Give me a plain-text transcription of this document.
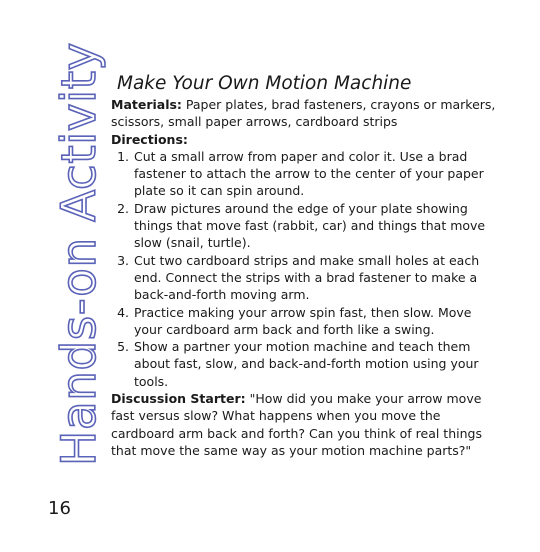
Hands-on Activity Make Your Own Motion Machine

Materials: Paper plates, brad fasteners, crayons or markers, scissors, small paper arrows, cardboard strips

Directions:
1. Cut a small arrow from paper and color it. Use a brad fastener to attach the arrow to the center of your paper plate so it can spin around.
2. Draw pictures around the edge of your plate showing things that move fast (rabbit, car) and things that move slow (snail, turtle).
3. Cut two cardboard strips and make small holes at each end. Connect the strips with a brad fastener to make a back-and-forth moving arm.
4. Practice making your arrow spin fast, then slow. Move your cardboard arm back and forth like a swing.
5. Show a partner your motion machine and teach them about fast, slow, and back-and-forth motion using your tools.

Discussion Starter: "How did you make your arrow move fast versus slow? What happens when you move the cardboard arm back and forth? Can you think of real things that move the same way as your motion machine parts?"

16
